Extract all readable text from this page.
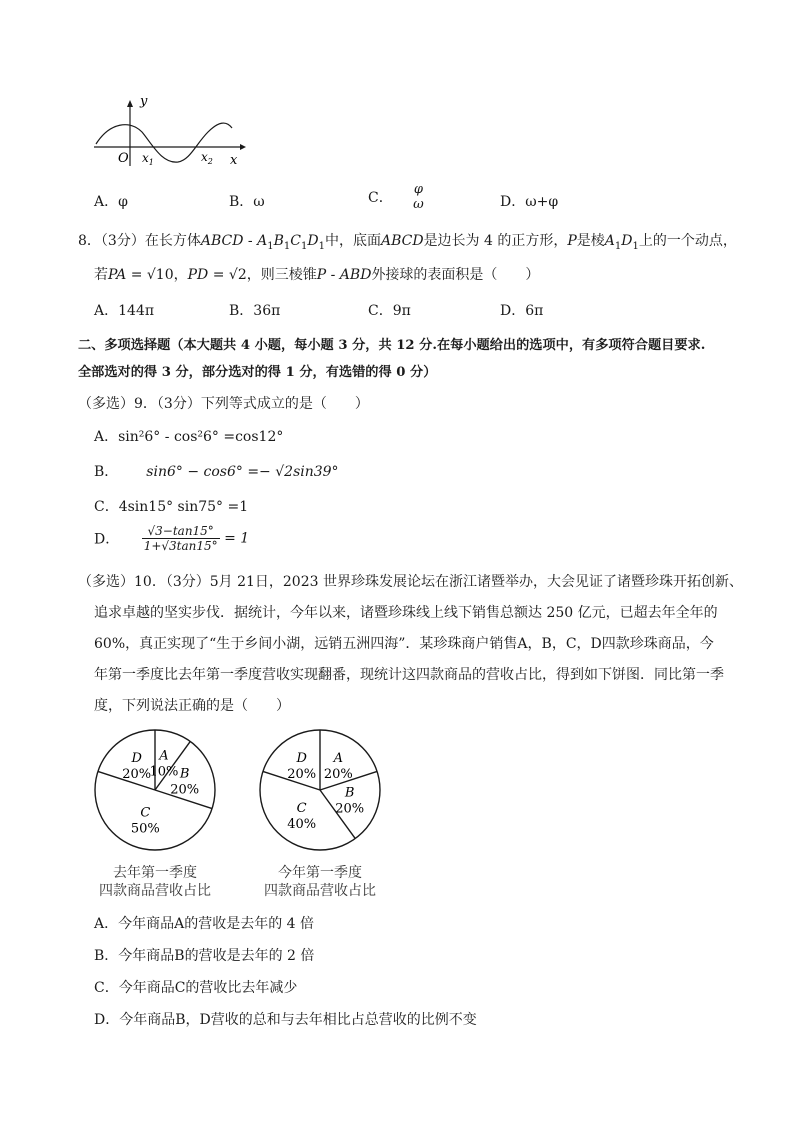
y
O $x_1$	$x_2$ x
A．φ	B．ω	C．
φ
ω	D．ω+φ
8．（3分）在长方体ABCD - $A_1B_1C_1D_1$中，底面ABCD是边长为 4 的正方形，P是棱$A_1D_1$上的一个动点，
若PA = √10，PD = √2，则三棱锥P - ABD外接球的表面积是（　　）
A．144π	B．36π	C．9π	D．6π
二、多项选择题（本大题共 4 小题，每小题 3 分，共 12 分.在每小题给出的选项中，有多项符合题目要求.
全部选对的得 3 分，部分选对的得 1 分，有选错的得 0 分）
（多选）9．（3分）下列等式成立的是（　　）
A．sin²6° - cos²6° =cos12°
B． sin6° − cos6° =− √2sin39°
C．4sin15° sin75° =1
D． $\frac{√3-\tan 15^\circ}{1+√3\tan 15^\circ} = 1$
（多选）10．（3分）5月 21日，2023 世界珍珠发展论坛在浙江诸暨举办，大会见证了诸暨珍珠开拓创新、
追求卓越的坚实步伐．据统计，今年以来，诸暨珍珠线上线下销售总额达 250 亿元，已超去年全年的
60%，真正实现了“生于乡间小湖，远销五洲四海”．某珍珠商户销售A，B，C，D四款珍珠商品，今
年第一季度比去年第一季度营收实现翻番，现统计这四款商品的营收占比，得到如下饼图．同比第一季
度，下列说法正确的是（　　）
A
10% B
20%
C
50%
D
20%
去年第一季度
四款商品营收占比
A
20%
B
20%
C
40%
D
20%
今年第一季度
四款商品营收占比
A．今年商品A的营收是去年的 4 倍
B．今年商品B的营收是去年的 2 倍
C．今年商品C的营收比去年减少
D．今年商品B，D营收的总和与去年相比占总营收的比例不变
